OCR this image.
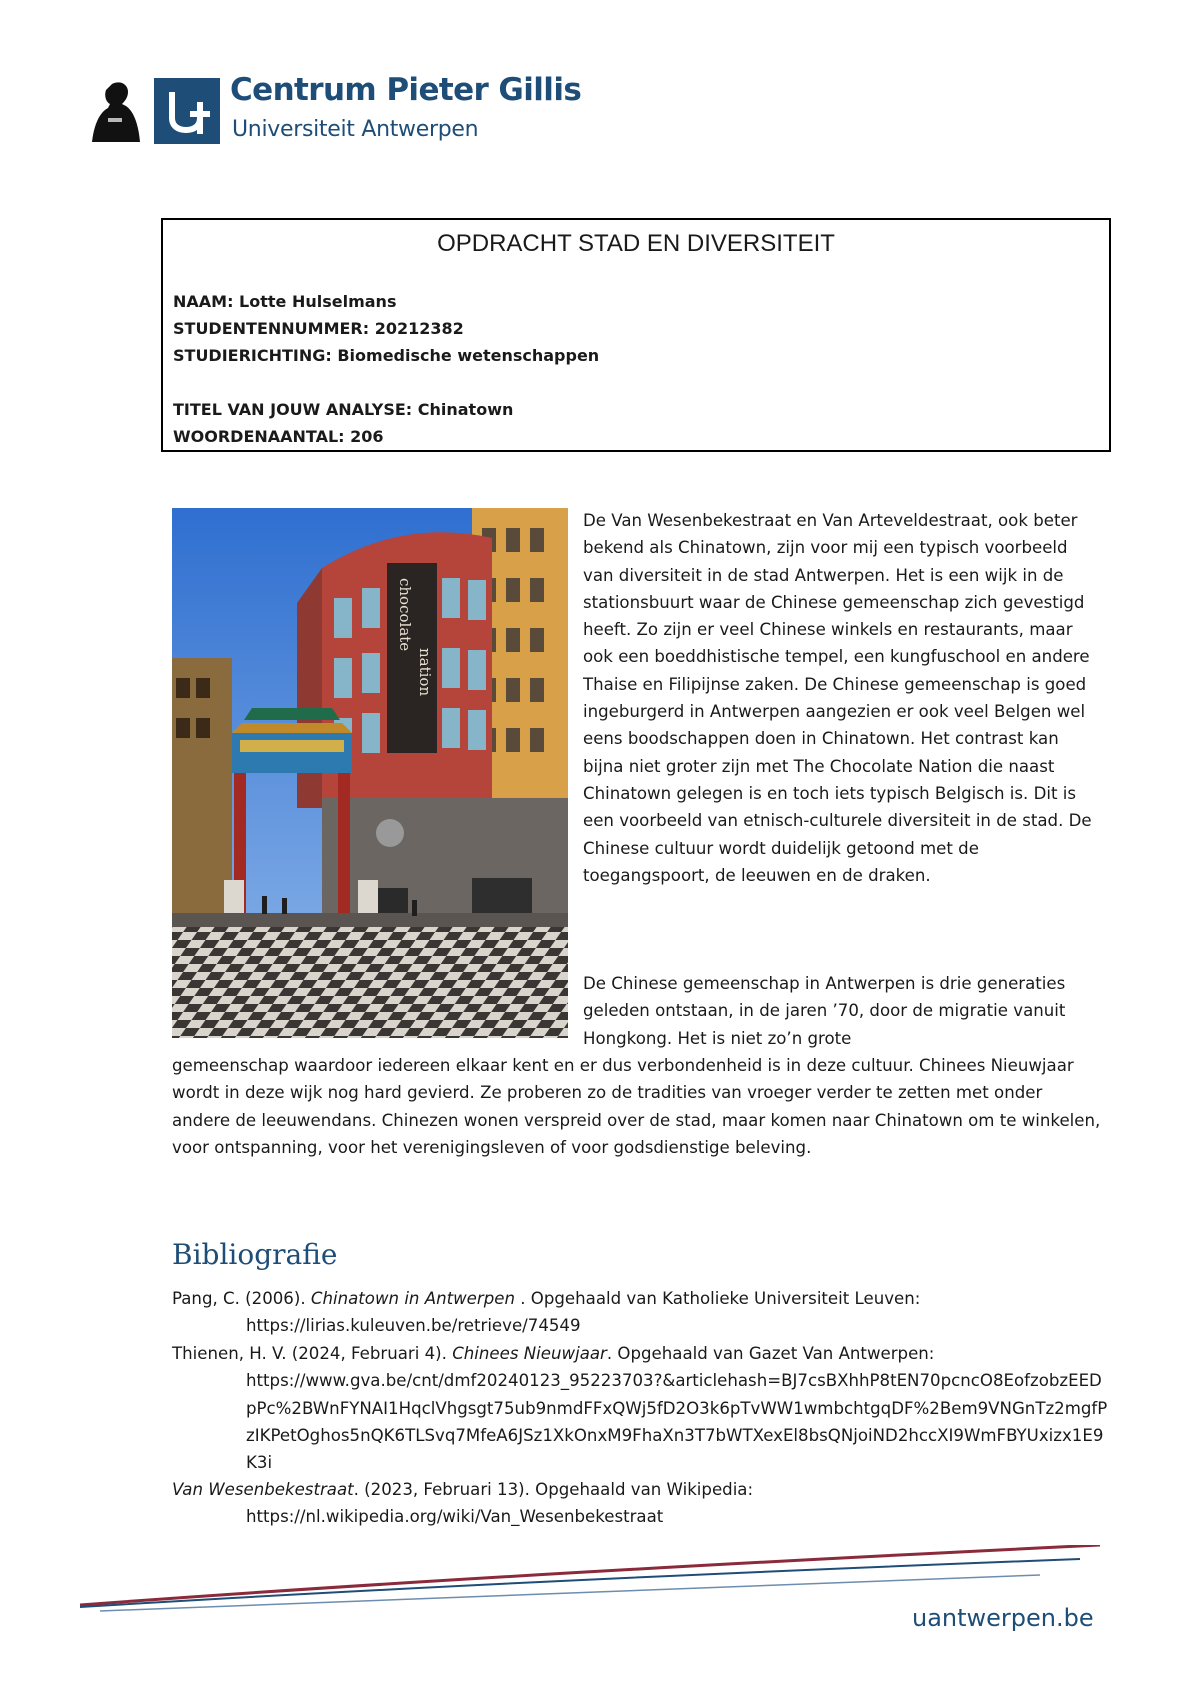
Centrum Pieter Gillis
Universiteit Antwerpen
OPDRACHT STAD EN DIVERSITEIT
NAAM: Lotte Hulselmans
STUDENTENNUMMER: 20212382
STUDIERICHTING: Biomedische wetenschappen
TITEL VAN JOUW ANALYSE: Chinatown
WOORDENAANTAL: 206
chocolate
nation
De Van Wesenbekestraat en Van Arteveldestraat, ook beter bekend als Chinatown, zijn voor mij een typisch voorbeeld van diversiteit in de stad Antwerpen. Het is een wijk in de stationsbuurt waar de Chinese gemeenschap zich gevestigd heeft. Zo zijn er veel Chinese winkels en restaurants, maar ook een boeddhistische tempel, een kungfuschool en andere Thaise en Filipijnse zaken. De Chinese gemeenschap is goed ingeburgerd in Antwerpen aangezien er ook veel Belgen wel eens boodschappen doen in Chinatown. Het contrast kan bijna niet groter zijn met The Chocolate Nation die naast Chinatown gelegen is en toch iets typisch Belgisch is. Dit is een voorbeeld van etnisch-culturele diversiteit in de stad. De Chinese cultuur wordt duidelijk getoond met de toegangspoort, de leeuwen en de draken.
De Chinese gemeenschap in Antwerpen is drie generaties geleden ontstaan, in de jaren ’70, door de migratie vanuit Hongkong. Het is niet zo’n grote
gemeenschap waardoor iedereen elkaar kent en er dus verbondenheid is in deze cultuur. Chinees Nieuwjaar wordt in deze wijk nog hard gevierd. Ze proberen zo de tradities van vroeger verder te zetten met onder andere de leeuwendans. Chinezen wonen verspreid over de stad, maar komen naar Chinatown om te winkelen, voor ontspanning, voor het verenigingsleven of voor godsdienstige beleving.
Bibliografie
Pang, C. (2006). Chinatown in Antwerpen . Opgehaald van Katholieke Universiteit Leuven:
https://lirias.kuleuven.be/retrieve/74549
Thienen, H. V. (2024, Februari 4). Chinees Nieuwjaar. Opgehaald van Gazet Van Antwerpen:
https://www.gva.be/cnt/dmf20240123_95223703?&articlehash=BJ7csBXhhP8tEN70pcncO8EofzobzEEDpPc%2BWnFYNAI1HqclVhgsgt75ub9nmdFFxQWj5fD2O3k6pTvWW1wmbchtgqDF%2Bem9VNGnTz2mgfPzIKPetOghos5nQK6TLSvq7MfeA6JSz1XkOnxM9FhaXn3T7bWTXexEl8bsQNjoiND2hccXI9WmFBYUxizx1E9K3i
Van Wesenbekestraat. (2023, Februari 13). Opgehaald van Wikipedia:
https://nl.wikipedia.org/wiki/Van_Wesenbekestraat
uantwerpen.be
